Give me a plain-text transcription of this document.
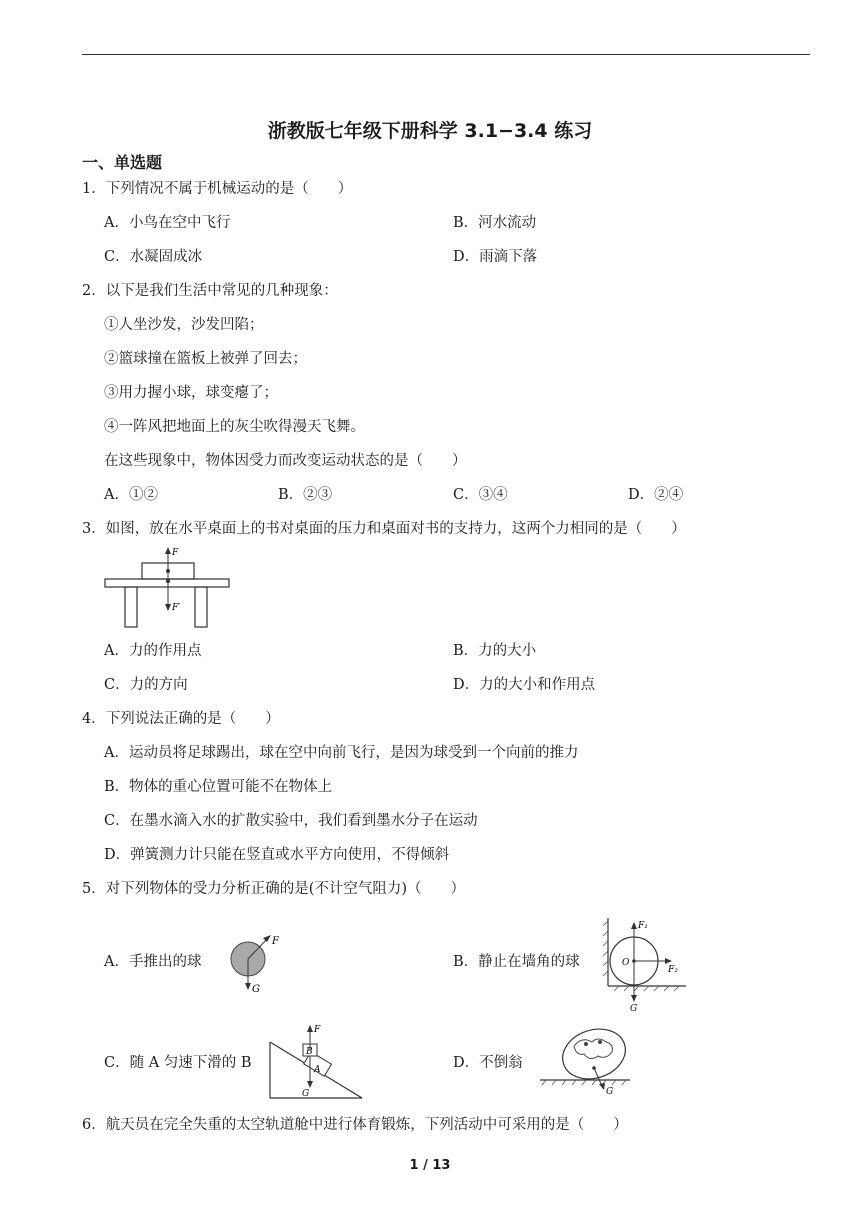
浙教版七年级下册科学 3.1−3.4 练习
一、单选题
1．下列情况不属于机械运动的是（　　）
A．小鸟在空中飞行	B．河水流动
C．水凝固成冰	D．雨滴下落
2．以下是我们生活中常见的几种现象：
①人坐沙发，沙发凹陷；
②篮球撞在篮板上被弹了回去；
③用力握小球，球变瘪了；
④一阵风把地面上的灰尘吹得漫天飞舞。
在这些现象中，物体因受力而改变运动状态的是（　　）
A．①②	B．②③	C．③④	D．②④
3．如图，放在水平桌面上的书对桌面的压力和桌面对书的支持力，这两个力相同的是（　　）
F
F′
A．力的作用点	B．力的大小
C．力的方向	D．力的大小和作用点
4．下列说法正确的是（　　）
A．运动员将足球踢出，球在空中向前飞行，是因为球受到一个向前的推力
B．物体的重心位置可能不在物体上
C．在墨水滴入水的扩散实验中，我们看到墨水分子在运动
D．弹簧测力计只能在竖直或水平方向使用，不得倾斜
5．对下列物体的受力分析正确的是(不计空气阻力)（　　）
A．手推出的球
F
G
B．静止在墙角的球
F₁
F₂
O
G
C．随 A 匀速下滑的 B
F
B
A
G
D．不倒翁
G
6．航天员在完全失重的太空轨道舱中进行体育锻炼，下列活动中可采用的是（　　）
1 / 13
